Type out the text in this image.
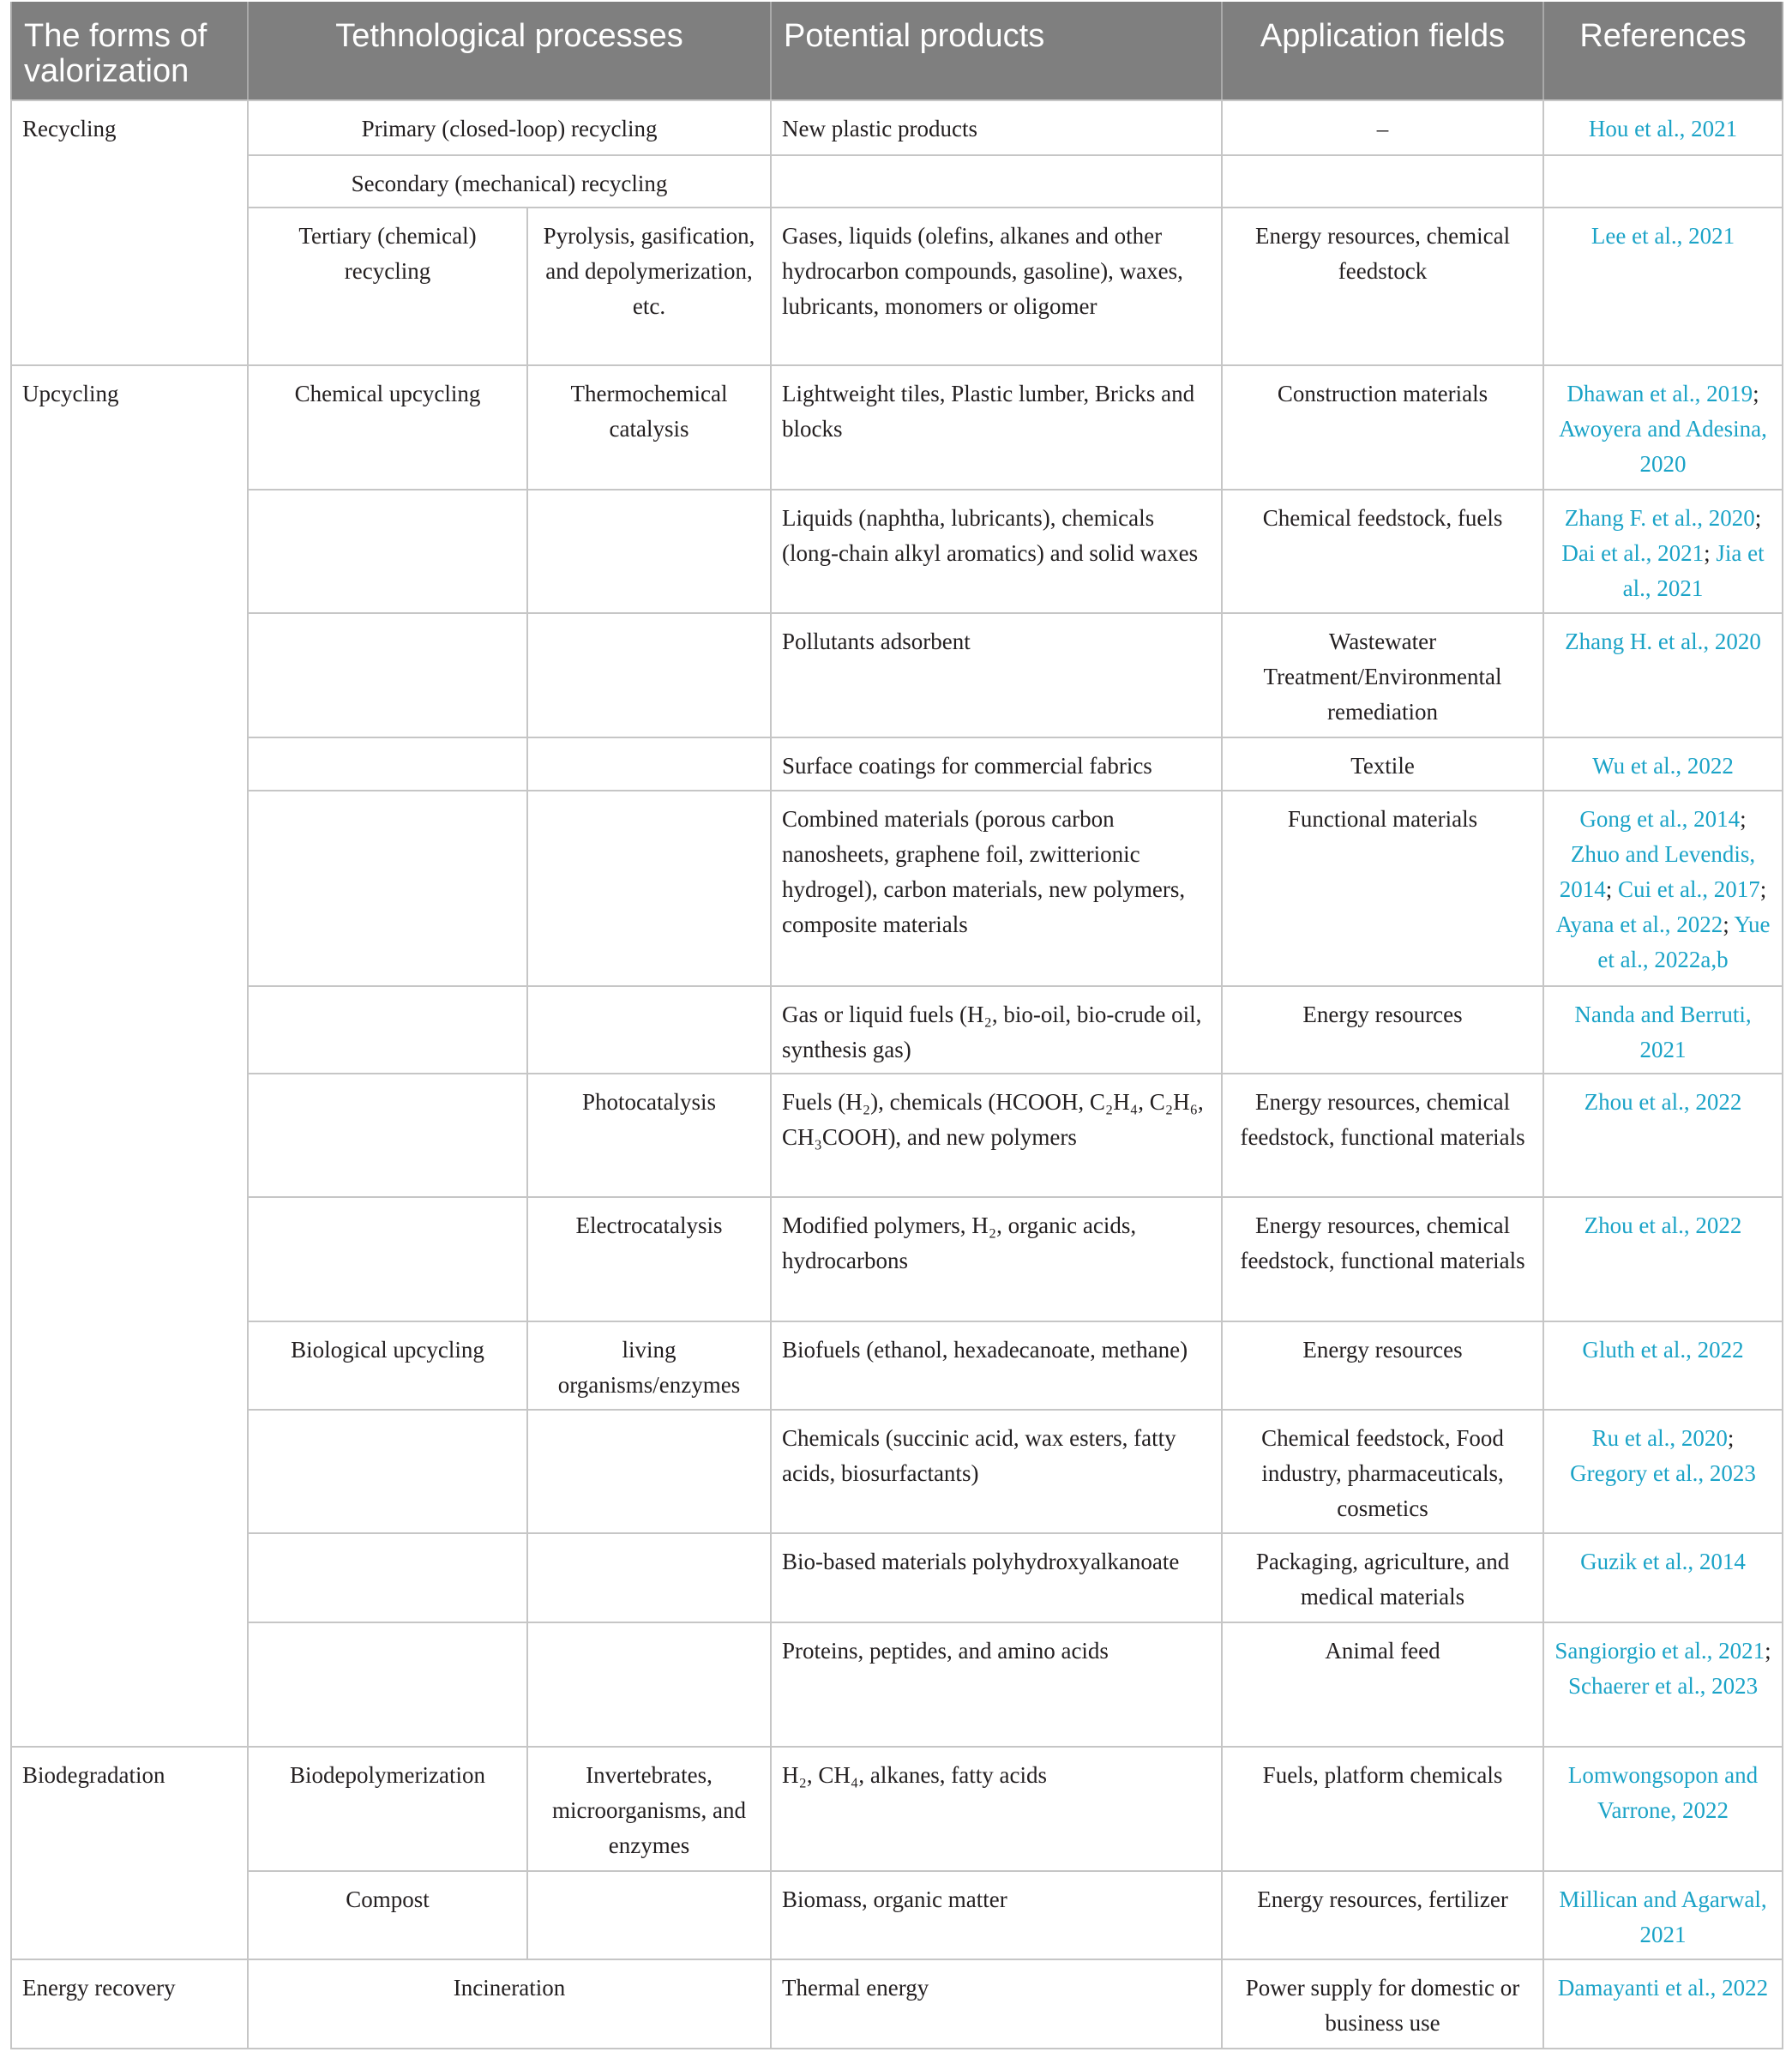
The forms of valorization	Tethnological processes		Potential products	Application fields	References
Recycling	Primary (closed-loop) recycling		New plastic products	–	Hou et al., 2021
	Secondary (mechanical) recycling				
	Tertiary (chemical) recycling	Pyrolysis, gasification, and depolymerization, etc.	Gases, liquids (olefins, alkanes and other hydrocarbon compounds, gasoline), waxes, lubricants, monomers or oligomer	Energy resources, chemical feedstock	Lee et al., 2021
Upcycling	Chemical upcycling	Thermochemical catalysis	Lightweight tiles, Plastic lumber, Bricks and blocks	Construction materials	Dhawan et al., 2019; Awoyera and Adesina, 2020
			Liquids (naphtha, lubricants), chemicals (long-chain alkyl aromatics) and solid waxes	Chemical feedstock, fuels	Zhang F. et al., 2020; Dai et al., 2021; Jia et al., 2021
			Pollutants adsorbent	Wastewater Treatment/Environmental remediation	Zhang H. et al., 2020
			Surface coatings for commercial fabrics	Textile	Wu et al., 2022
			Combined materials (porous carbon nanosheets, graphene foil, zwitterionic hydrogel), carbon materials, new polymers, composite materials	Functional materials	Gong et al., 2014; Zhuo and Levendis, 2014; Cui et al., 2017; Ayana et al., 2022; Yue et al., 2022a,b
			Gas or liquid fuels (H₂, bio-oil, bio-crude oil, synthesis gas)	Energy resources	Nanda and Berruti, 2021
		Photocatalysis	Fuels (H₂), chemicals (HCOOH, C₂H₄, C₂H₆, CH₃COOH), and new polymers	Energy resources, chemical feedstock, functional materials	Zhou et al., 2022
		Electrocatalysis	Modified polymers, H₂, organic acids, hydrocarbons	Energy resources, chemical feedstock, functional materials	Zhou et al., 2022
	Biological upcycling	living organisms/enzymes	Biofuels (ethanol, hexadecanoate, methane)	Energy resources	Gluth et al., 2022
			Chemicals (succinic acid, wax esters, fatty acids, biosurfactants)	Chemical feedstock, Food industry, pharmaceuticals, cosmetics	Ru et al., 2020; Gregory et al., 2023
			Bio-based materials polyhydroxyalkanoate	Packaging, agriculture, and medical materials	Guzik et al., 2014
			Proteins, peptides, and amino acids	Animal feed	Sangiorgio et al., 2021; Schaerer et al., 2023
Biodegradation	Biodepolymerization	Invertebrates, microorganisms, and enzymes	H₂, CH₄, alkanes, fatty acids	Fuels, platform chemicals	Lomwongsopon and Varrone, 2022
	Compost		Biomass, organic matter	Energy resources, fertilizer	Millican and Agarwal, 2021
Energy recovery	Incineration		Thermal energy	Power supply for domestic or business use	Damayanti et al., 2022
